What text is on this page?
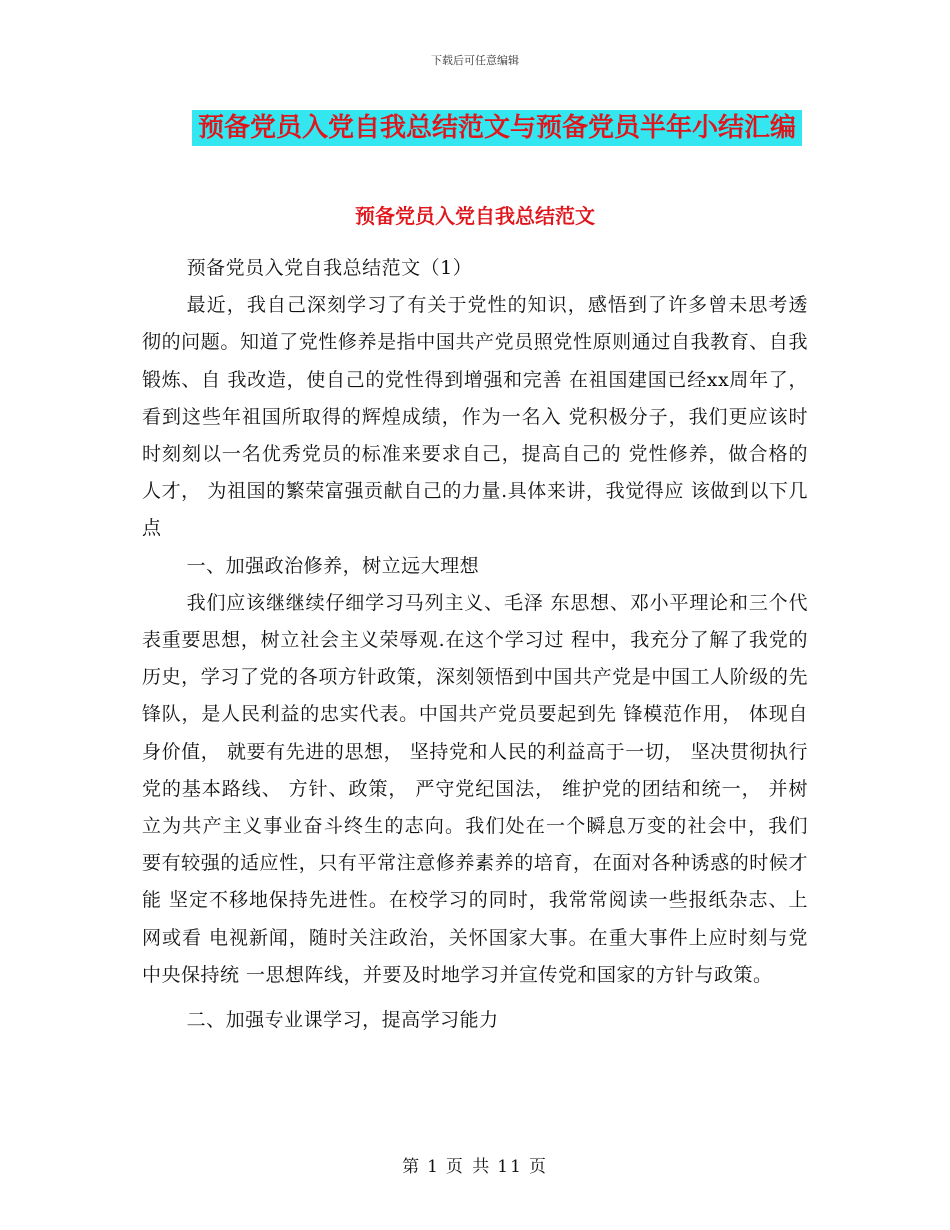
下载后可任意编辑
预备党员入党自我总结范文与预备党员半年小结汇编
预备党员入党自我总结范文

预备党员入党自我总结范文（1）

最近，我自己深刻学习了有关于党性的知识，感悟到了许多曾未思考透彻的问题。知道了党性修养是指中国共产党员照党性原则通过自我教育、自我锻炼、自 我改造，使自己的党性得到增强和完善 在祖国建国已经xx周年了，看到这些年祖国所取得的辉煌成绩，作为一名入 党积极分子，我们更应该时时刻刻以一名优秀党员的标准来要求自己，提高自己的 党性修养，做合格的人才， 为祖国的繁荣富强贡献自己的力量.具体来讲，我觉得应 该做到以下几点

一、加强政治修养，树立远大理想

我们应该继继续仔细学习马列主义、毛泽 东思想、邓小平理论和三个代表重要思想，树立社会主义荣辱观.在这个学习过 程中，我充分了解了我党的历史，学习了党的各项方针政策，深刻领悟到中国共产党是中国工人阶级的先锋队，是人民利益的忠实代表。中国共产党员要起到先 锋模范作用， 体现自身价值， 就要有先进的思想， 坚持党和人民的利益高于一切， 坚决贯彻执行党的基本路线、 方针、政策， 严守党纪国法， 维护党的团结和统一， 并树立为共产主义事业奋斗终生的志向。我们处在一个瞬息万变的社会中，我们 要有较强的适应性，只有平常注意修养素养的培育，在面对各种诱惑的时候才能 坚定不移地保持先进性。在校学习的同时，我常常阅读一些报纸杂志、上网或看 电视新闻，随时关注政治，关怀国家大事。在重大事件上应时刻与党中央保持统 一思想阵线，并要及时地学习并宣传党和国家的方针与政策。

二、加强专业课学习，提高学习能力

第 1 页 共 11 页
